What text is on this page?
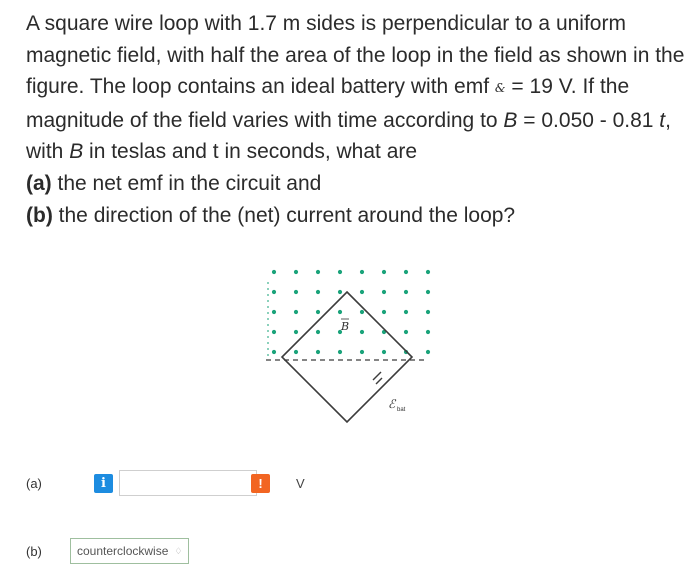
A square wire loop with 1.7 m sides is perpendicular to a uniform magnetic field, with half the area of the loop in the field as shown in the figure. The loop contains an ideal battery with emf & = 19 V. If the magnitude of the field varies with time according to B = 0.050 - 0.81 t, with B in teslas and t in seconds, what are

(a) the net emf in the circuit and

(b) the direction of the (net) current around the loop?

B
ℰ bat
(a)	i	!	V
(b)	counterclockwise ♢
